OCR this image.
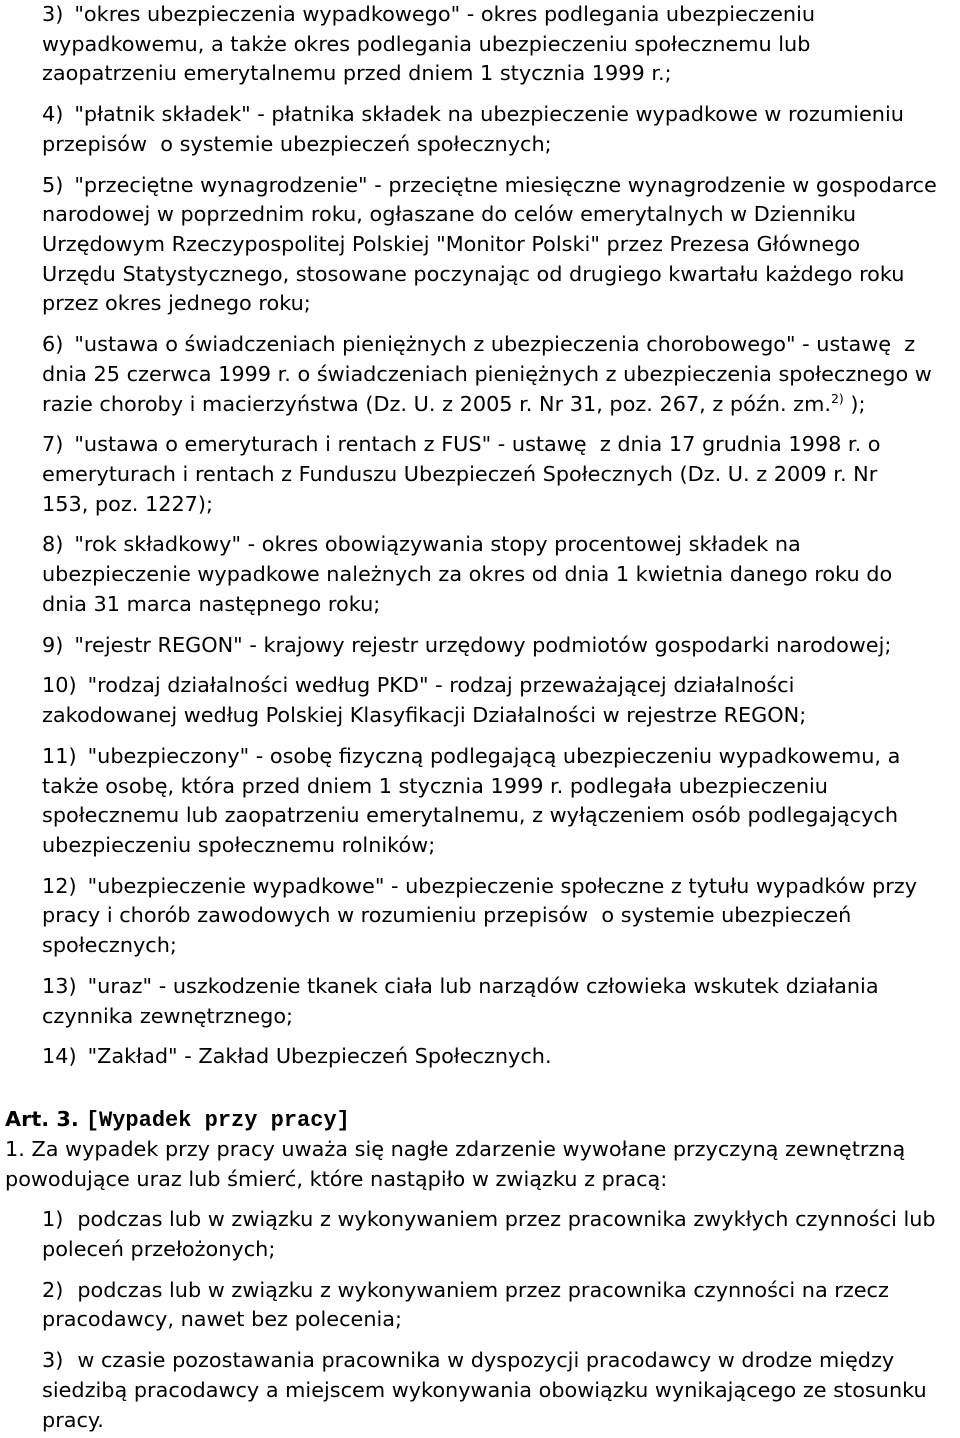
3) "okres ubezpieczenia wypadkowego" - okres podlegania ubezpieczeniu
wypadkowemu, a także okres podlegania ubezpieczeniu społecznemu lub
zaopatrzeniu emerytalnemu przed dniem 1 stycznia 1999 r.;
4) "płatnik składek" - płatnika składek na ubezpieczenie wypadkowe w rozumieniu
przepisów  o systemie ubezpieczeń społecznych;
5) "przeciętne wynagrodzenie" - przeciętne miesięczne wynagrodzenie w gospodarce
narodowej w poprzednim roku, ogłaszane do celów emerytalnych w Dzienniku
Urzędowym Rzeczypospolitej Polskiej "Monitor Polski" przez Prezesa Głównego
Urzędu Statystycznego, stosowane poczynając od drugiego kwartału każdego roku
przez okres jednego roku;
6) "ustawa o świadczeniach pieniężnych z ubezpieczenia chorobowego" - ustawę  z
dnia 25 czerwca 1999 r. o świadczeniach pieniężnych z ubezpieczenia społecznego w
razie choroby i macierzyństwa (Dz. U. z 2005 r. Nr 31, poz. 267, z późn. zm.$^{2)}$ );
7) "ustawa o emeryturach i rentach z FUS" - ustawę  z dnia 17 grudnia 1998 r. o
emeryturach i rentach z Funduszu Ubezpieczeń Społecznych (Dz. U. z 2009 r. Nr
153, poz. 1227);
8) "rok składkowy" - okres obowiązywania stopy procentowej składek na
ubezpieczenie wypadkowe należnych za okres od dnia 1 kwietnia danego roku do
dnia 31 marca następnego roku;
9) "rejestr REGON" - krajowy rejestr urzędowy podmiotów gospodarki narodowej;
10) "rodzaj działalności według PKD" - rodzaj przeważającej działalności
zakodowanej według Polskiej Klasyfikacji Działalności w rejestrze REGON;
11) "ubezpieczony" - osobę fizyczną podlegającą ubezpieczeniu wypadkowemu, a
także osobę, która przed dniem 1 stycznia 1999 r. podlegała ubezpieczeniu
społecznemu lub zaopatrzeniu emerytalnemu, z wyłączeniem osób podlegających
ubezpieczeniu społecznemu rolników;
12) "ubezpieczenie wypadkowe" - ubezpieczenie społeczne z tytułu wypadków przy
pracy i chorób zawodowych w rozumieniu przepisów  o systemie ubezpieczeń
społecznych;
13) "uraz" - uszkodzenie tkanek ciała lub narządów człowieka wskutek działania
czynnika zewnętrznego;
14) "Zakład" - Zakład Ubezpieczeń Społecznych.
Art. 3. [Wypadek przy pracy]
1. Za wypadek przy pracy uważa się nagłe zdarzenie wywołane przyczyną zewnętrzną
powodujące uraz lub śmierć, które nastąpiło w związku z pracą:
1) podczas lub w związku z wykonywaniem przez pracownika zwykłych czynności lub
poleceń przełożonych;
2) podczas lub w związku z wykonywaniem przez pracownika czynności na rzecz
pracodawcy, nawet bez polecenia;
3) w czasie pozostawania pracownika w dyspozycji pracodawcy w drodze między
siedzibą pracodawcy a miejscem wykonywania obowiązku wynikającego ze stosunku
pracy.
